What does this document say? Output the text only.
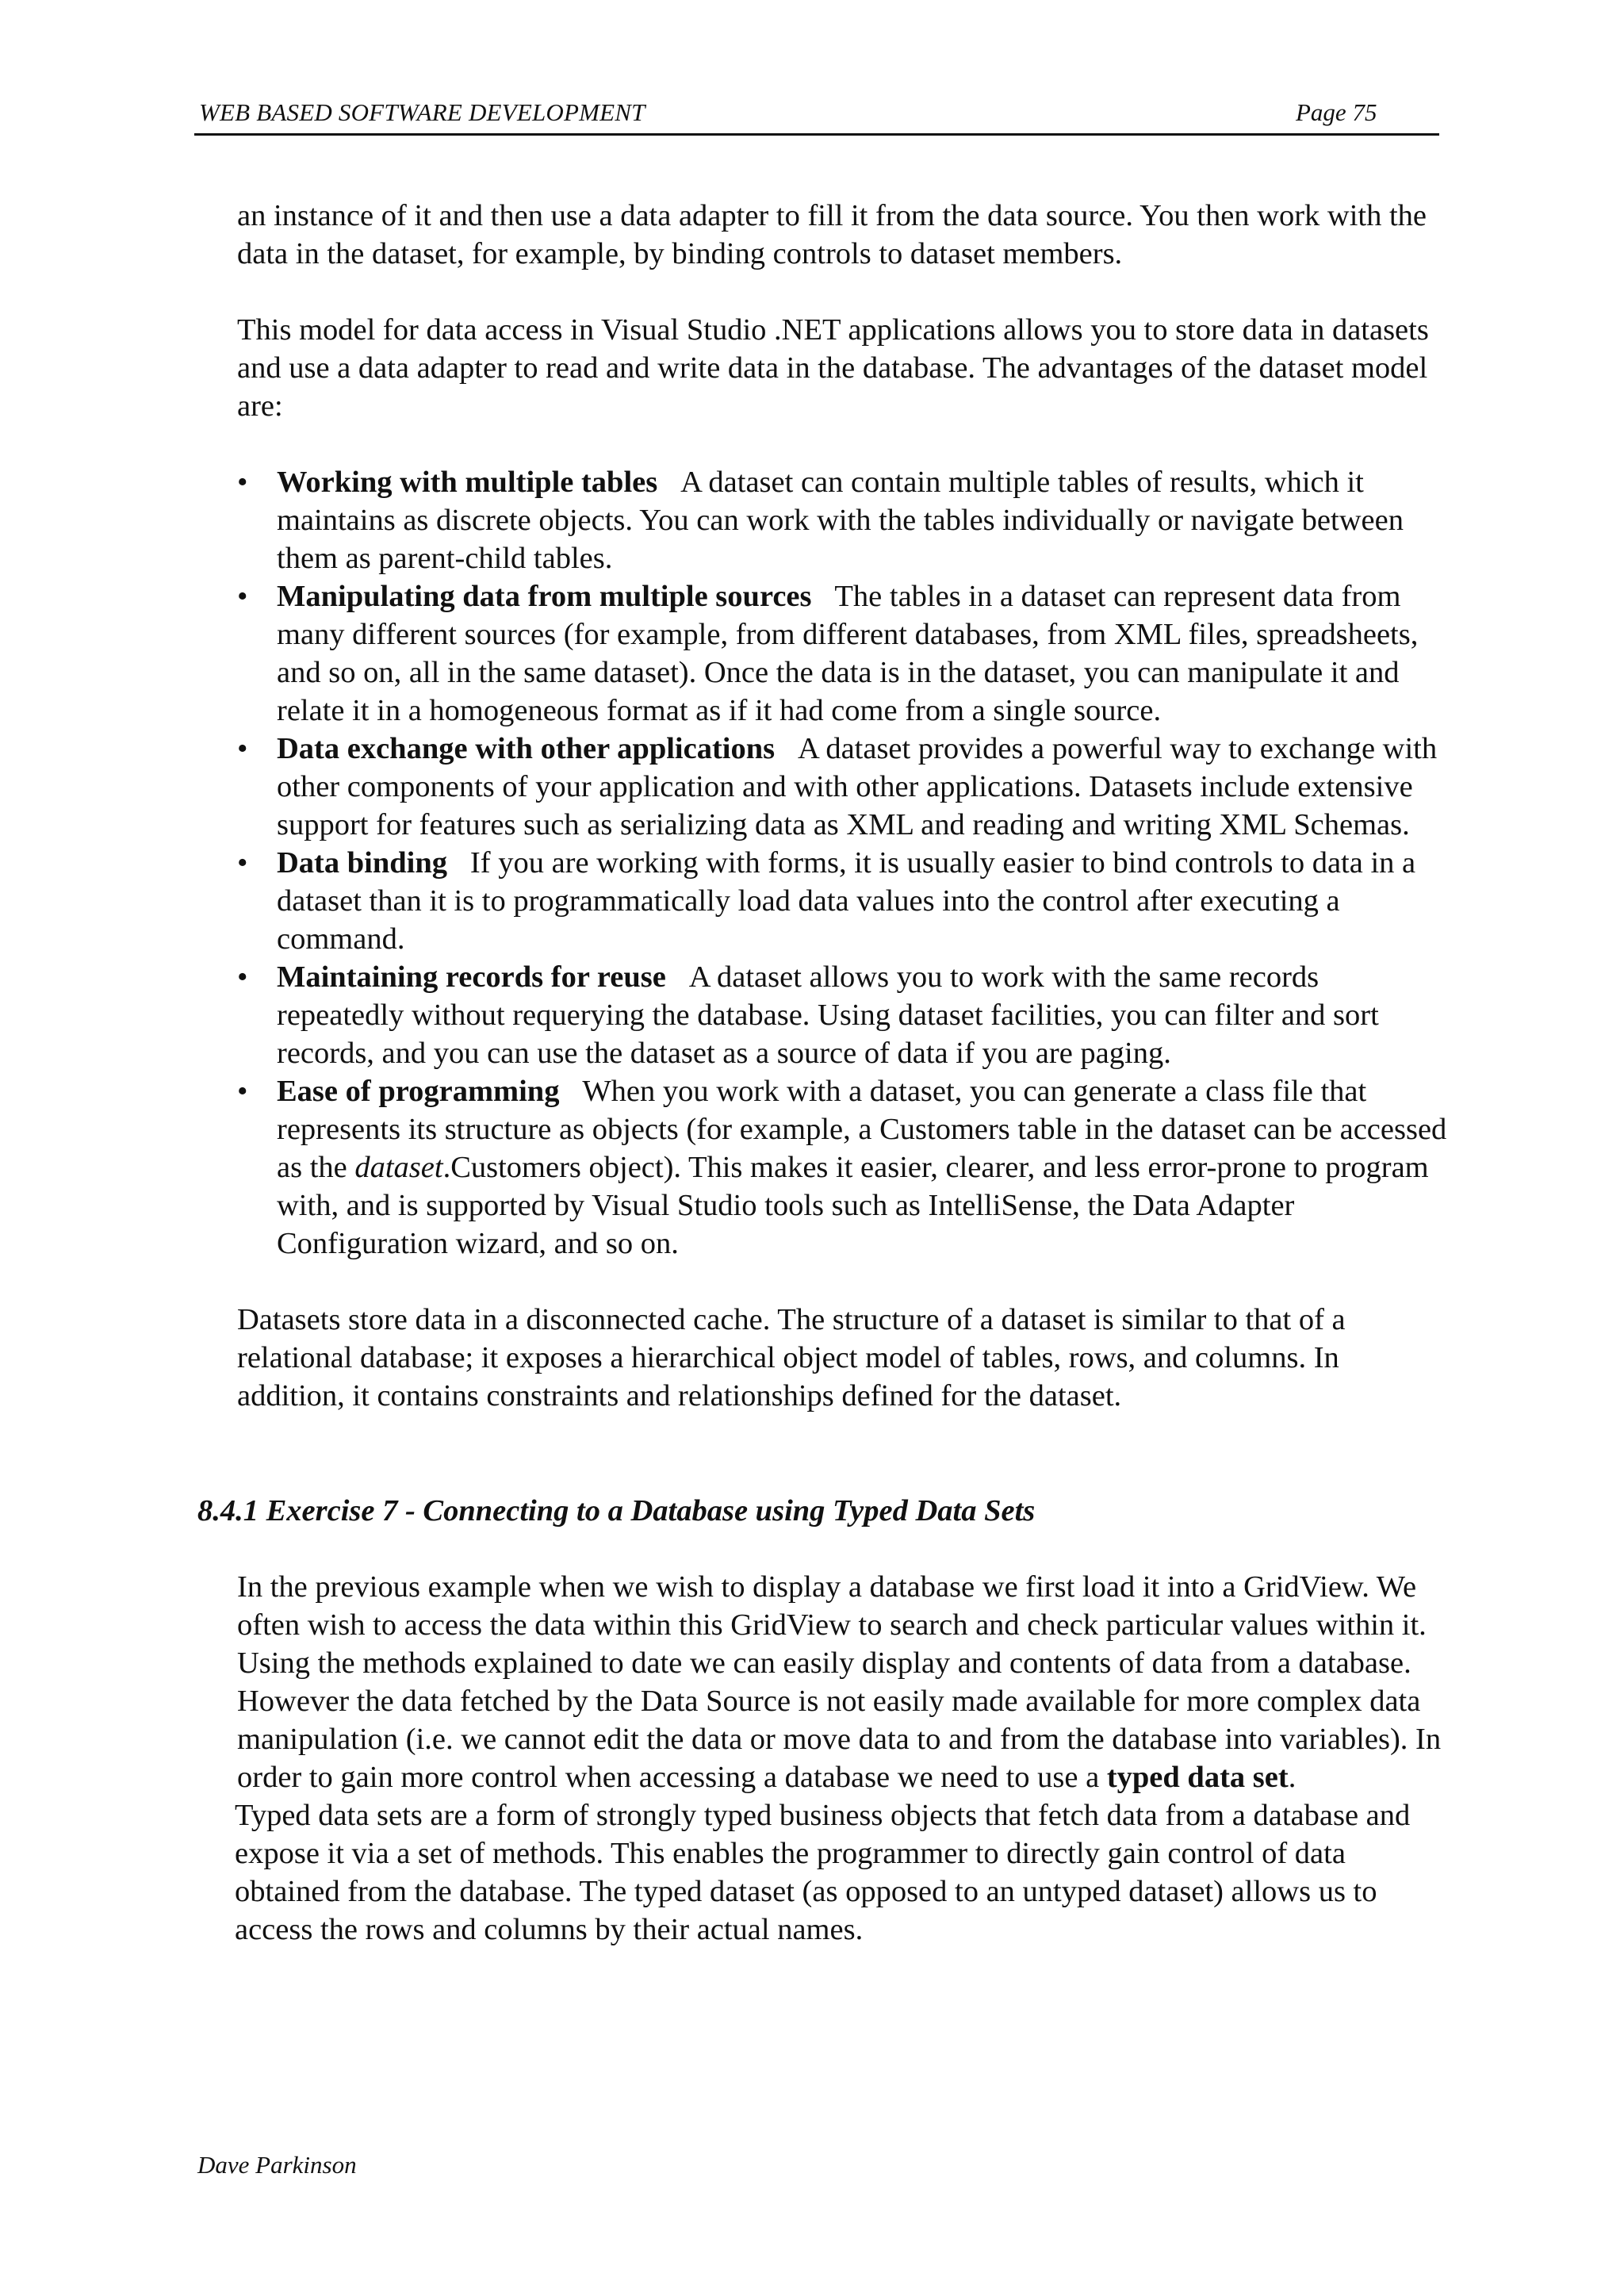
WEB BASED SOFTWARE DEVELOPMENT	Page 75

an instance of it and then use a data adapter to fill it from the data source. You then work with the data in the dataset, for example, by binding controls to dataset members.

This model for data access in Visual Studio .NET applications allows you to store data in datasets and use a data adapter to read and write data in the database. The advantages of the dataset model are:

• Working with multiple tables A dataset can contain multiple tables of results, which it maintains as discrete objects. You can work with the tables individually or navigate between them as parent-child tables.
• Manipulating data from multiple sources The tables in a dataset can represent data from many different sources (for example, from different databases, from XML files, spreadsheets, and so on, all in the same dataset). Once the data is in the dataset, you can manipulate it and relate it in a homogeneous format as if it had come from a single source.
• Data exchange with other applications A dataset provides a powerful way to exchange with other components of your application and with other applications. Datasets include extensive support for features such as serializing data as XML and reading and writing XML Schemas.
• Data binding If you are working with forms, it is usually easier to bind controls to data in a dataset than it is to programmatically load data values into the control after executing a command.
• Maintaining records for reuse A dataset allows you to work with the same records repeatedly without requerying the database. Using dataset facilities, you can filter and sort records, and you can use the dataset as a source of data if you are paging.
• Ease of programming When you work with a dataset, you can generate a class file that represents its structure as objects (for example, a Customers table in the dataset can be accessed as the dataset.Customers object). This makes it easier, clearer, and less error-prone to program with, and is supported by Visual Studio tools such as IntelliSense, the Data Adapter Configuration wizard, and so on.

Datasets store data in a disconnected cache. The structure of a dataset is similar to that of a relational database; it exposes a hierarchical object model of tables, rows, and columns. In addition, it contains constraints and relationships defined for the dataset.

8.4.1 Exercise 7 - Connecting to a Database using Typed Data Sets

In the previous example when we wish to display a database we first load it into a GridView. We often wish to access the data within this GridView to search and check particular values within it. Using the methods explained to date we can easily display and contents of data from a database. However the data fetched by the Data Source is not easily made available for more complex data manipulation (i.e. we cannot edit the data or move data to and from the database into variables). In order to gain more control when accessing a database we need to use a typed data set.

Typed data sets are a form of strongly typed business objects that fetch data from a database and expose it via a set of methods. This enables the programmer to directly gain control of data obtained from the database. The typed dataset (as opposed to an untyped dataset) allows us to access the rows and columns by their actual names.

Dave Parkinson
